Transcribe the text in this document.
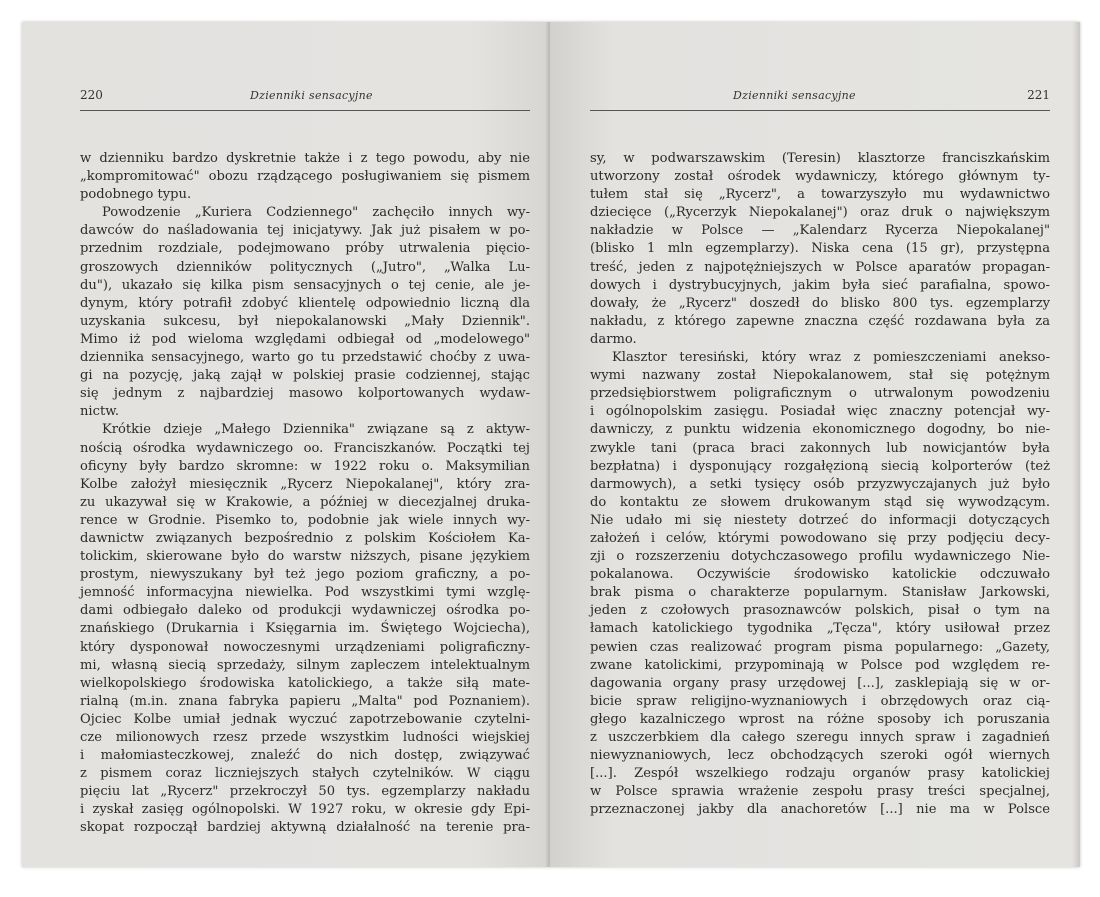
220	Dzienniki sensacyjne
w dzienniku bardzo dyskretnie także i z tego powodu, aby nie
„kompromitować" obozu rządzącego posługiwaniem się pismem
podobnego typu.
Powodzenie „Kuriera Codziennego" zachęciło innych wy-
dawców do naśladowania tej inicjatywy. Jak już pisałem w po-
przednim rozdziale, podejmowano próby utrwalenia pięcio-
groszowych dzienników politycznych („Jutro", „Walka Lu-
du"), ukazało się kilka pism sensacyjnych o tej cenie, ale je-
dynym, który potrafił zdobyć klientelę odpowiednio liczną dla
uzyskania sukcesu, był niepokalanowski „Mały Dziennik".
Mimo iż pod wieloma względami odbiegał od „modelowego"
dziennika sensacyjnego, warto go tu przedstawić choćby z uwa-
gi na pozycję, jaką zajął w polskiej prasie codziennej, stając
się jednym z najbardziej masowo kolportowanych wydaw-
nictw.
Krótkie dzieje „Małego Dziennika" związane są z aktyw-
nością ośrodka wydawniczego oo. Franciszkanów. Początki tej
oficyny były bardzo skromne: w 1922 roku o. Maksymilian
Kolbe założył miesięcznik „Rycerz Niepokalanej", który zra-
zu ukazywał się w Krakowie, a później w diecezjalnej druka-
rence w Grodnie. Pisemko to, podobnie jak wiele innych wy-
dawnictw związanych bezpośrednio z polskim Kościołem Ka-
tolickim, skierowane było do warstw niższych, pisane językiem
prostym, niewyszukany był też jego poziom graficzny, a po-
jemność informacyjna niewielka. Pod wszystkimi tymi wzglę-
dami odbiegało daleko od produkcji wydawniczej ośrodka po-
znańskiego (Drukarnia i Księgarnia im. Świętego Wojciecha),
który dysponował nowoczesnymi urządzeniami poligraficzny-
mi, własną siecią sprzedaży, silnym zapleczem intelektualnym
wielkopolskiego środowiska katolickiego, a także siłą mate-
rialną (m.in. znana fabryka papieru „Malta" pod Poznaniem).
Ojciec Kolbe umiał jednak wyczuć zapotrzebowanie czytelni-
cze milionowych rzesz przede wszystkim ludności wiejskiej
i małomiasteczkowej, znaleźć do nich dostęp, związywać
z pismem coraz liczniejszych stałych czytelników. W ciągu
pięciu lat „Rycerz" przekroczył 50 tys. egzemplarzy nakładu
i zyskał zasięg ogólnopolski. W 1927 roku, w okresie gdy Epi-
skopat rozpoczął bardziej aktywną działalność na terenie pra-
Dzienniki sensacyjne	221
sy, w podwarszawskim (Teresin) klasztorze franciszkańskim
utworzony został ośrodek wydawniczy, którego głównym ty-
tułem stał się „Rycerz", a towarzyszyło mu wydawnictwo
dziecięce („Rycerzyk Niepokalanej") oraz druk o największym
nakładzie w Polsce — „Kalendarz Rycerza Niepokalanej"
(blisko 1 mln egzemplarzy). Niska cena (15 gr), przystępna
treść, jeden z najpotężniejszych w Polsce aparatów propagan-
dowych i dystrybucyjnych, jakim była sieć parafialna, spowo-
dowały, że „Rycerz" doszedł do blisko 800 tys. egzemplarzy
nakładu, z którego zapewne znaczna część rozdawana była za
darmo.
Klasztor teresiński, który wraz z pomieszczeniami anekso-
wymi nazwany został Niepokalanowem, stał się potężnym
przedsiębiorstwem poligraficznym o utrwalonym powodzeniu
i ogólnopolskim zasięgu. Posiadał więc znaczny potencjał wy-
dawniczy, z punktu widzenia ekonomicznego dogodny, bo nie-
zwykle tani (praca braci zakonnych lub nowicjantów była
bezpłatna) i dysponujący rozgałęzioną siecią kolporterów (też
darmowych), a setki tysięcy osób przyzwyczajanych już było
do kontaktu ze słowem drukowanym stąd się wywodzącym.
Nie udało mi się niestety dotrzeć do informacji dotyczących
założeń i celów, którymi powodowano się przy podjęciu decy-
zji o rozszerzeniu dotychczasowego profilu wydawniczego Nie-
pokalanowa. Oczywiście środowisko katolickie odczuwało
brak pisma o charakterze popularnym. Stanisław Jarkowski,
jeden z czołowych prasoznawców polskich, pisał o tym na
łamach katolickiego tygodnika „Tęcza", który usiłował przez
pewien czas realizować program pisma popularnego: „Gazety,
zwane katolickimi, przypominają w Polsce pod względem re-
dagowania organy prasy urzędowej [...], zasklepiają się w or-
bicie spraw religijno-wyznaniowych i obrzędowych oraz cią-
głego kazalniczego wprost na różne sposoby ich poruszania
z uszczerbkiem dla całego szeregu innych spraw i zagadnień
niewyznaniowych, lecz obchodzących szeroki ogół wiernych
[...]. Zespół wszelkiego rodzaju organów prasy katolickiej
w Polsce sprawia wrażenie zespołu prasy treści specjalnej,
przeznaczonej jakby dla anachoretów [...] nie ma w Polsce
